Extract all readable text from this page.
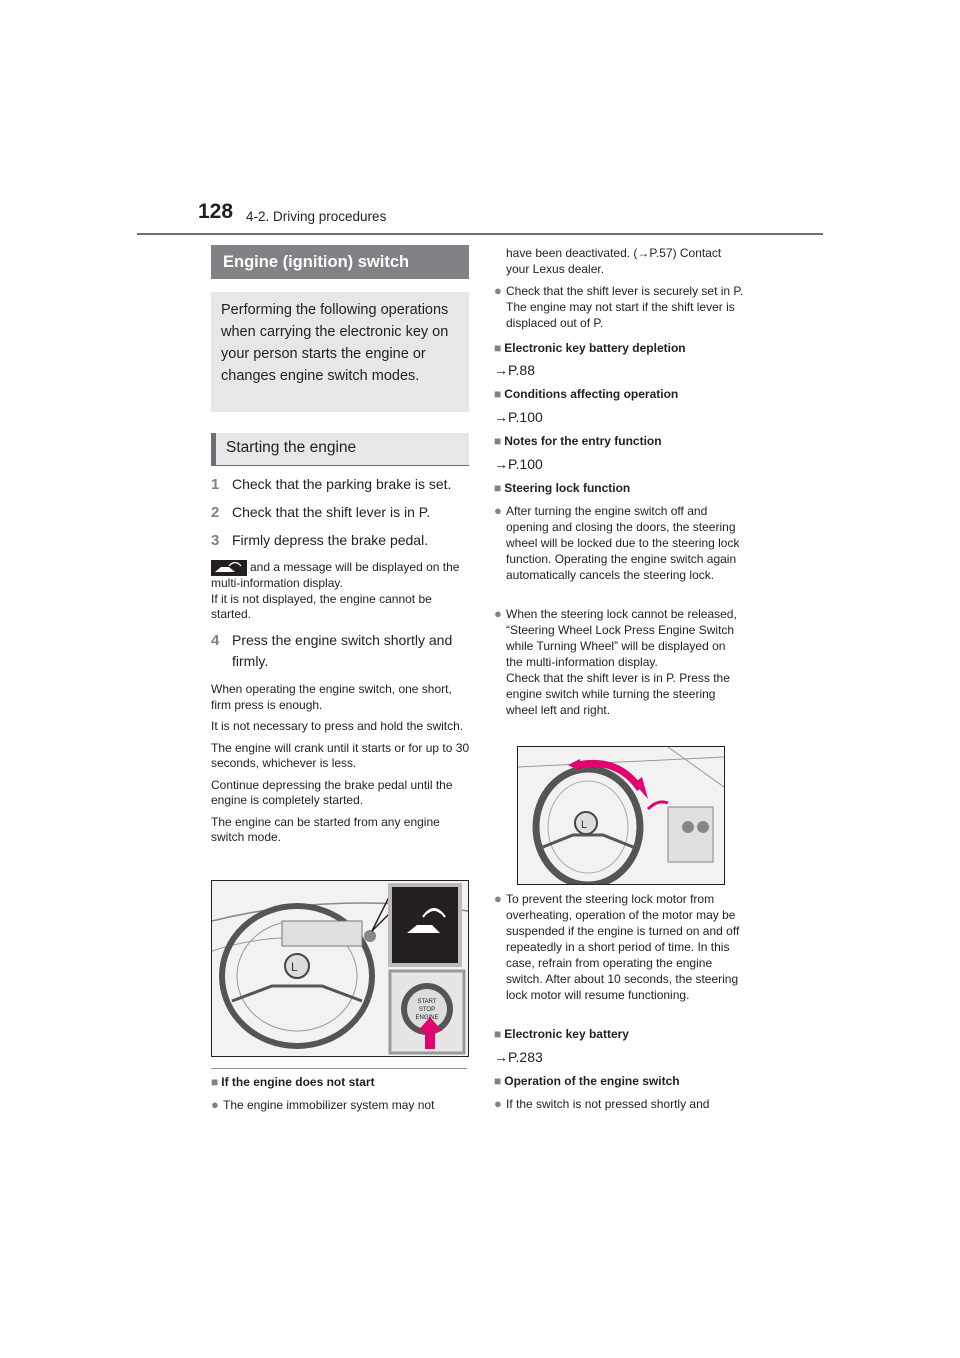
128 4-2. Driving procedures
Engine (ignition) switch
Performing the following operations when carrying the electronic key on your person starts the engine or changes engine switch modes.
Starting the engine
1 Check that the parking brake is set.
2 Check that the shift lever is in P.
3 Firmly depress the brake pedal.

and a message will be displayed on the multi-information display.

If it is not displayed, the engine cannot be started.

4 Press the engine switch shortly and firmly.

When operating the engine switch, one short, firm press is enough.

It is not necessary to press and hold the switch.

The engine will crank until it starts or for up to 30 seconds, whichever is less.

Continue depressing the brake pedal until the engine is completely started.

The engine can be started from any engine switch mode.

L
START
STOP
ENGINE
■ If the engine does not start
● The engine immobilizer system may not
have been deactivated. (→P.57) Contact your Lexus dealer.
● Check that the shift lever is securely set in P. The engine may not start if the shift lever is displaced out of P.
■ Electronic key battery depletion
→P.88
■ Conditions affecting operation
→P.100
■ Notes for the entry function
→P.100
■ Steering lock function
● After turning the engine switch off and opening and closing the doors, the steering wheel will be locked due to the steering lock function. Operating the engine switch again automatically cancels the steering lock.
● When the steering lock cannot be released, “Steering Wheel Lock Press Engine Switch while Turning Wheel” will be displayed on the multi-information display.
Check that the shift lever is in P. Press the engine switch while turning the steering wheel left and right.
L
● To prevent the steering lock motor from overheating, operation of the motor may be suspended if the engine is turned on and off repeatedly in a short period of time. In this case, refrain from operating the engine switch. After about 10 seconds, the steering lock motor will resume functioning.
■ Electronic key battery
→P.283
■ Operation of the engine switch
● If the switch is not pressed shortly and
